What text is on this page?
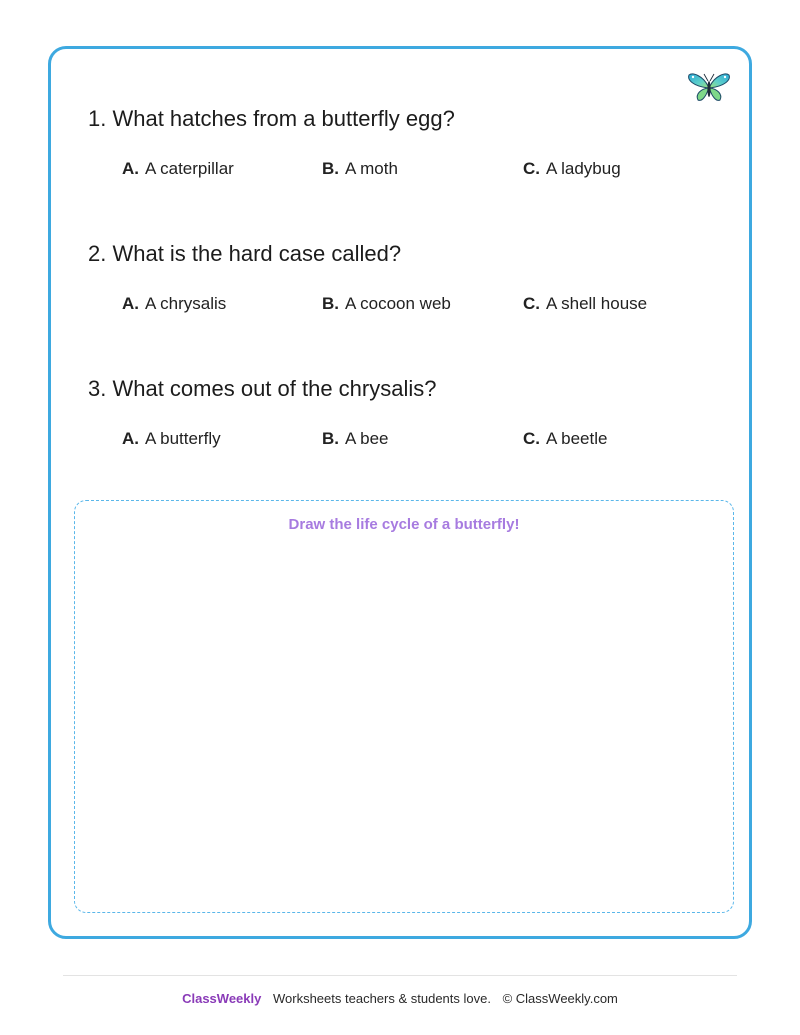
1. What hatches from a butterfly egg?
A. A caterpillar	B. A moth	C. A ladybug
2. What is the hard case called?
A. A chrysalis	B. A cocoon web	C. A shell house
3. What comes out of the chrysalis?
A. A butterfly	B. A bee	C. A beetle
Draw the life cycle of a butterfly!
ClassWeekly Worksheets teachers & students love. © ClassWeekly.com
